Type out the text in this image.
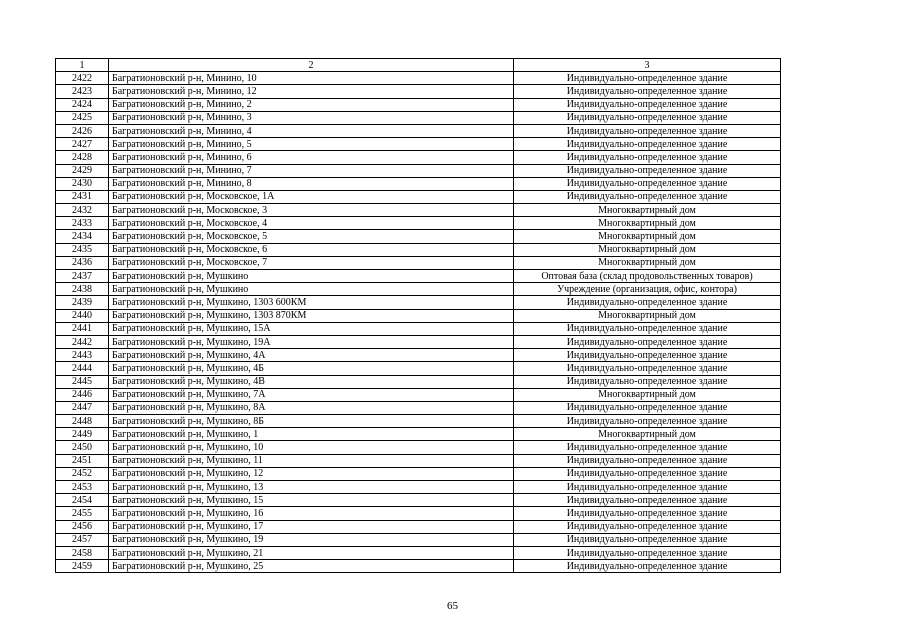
1	2	3
2422	Багратионовский р-н, Минино, 10	Индивидуально-определенное здание
2423	Багратионовский р-н, Минино, 12	Индивидуально-определенное здание
2424	Багратионовский р-н, Минино, 2	Индивидуально-определенное здание
2425	Багратионовский р-н, Минино, 3	Индивидуально-определенное здание
2426	Багратионовский р-н, Минино, 4	Индивидуально-определенное здание
2427	Багратионовский р-н, Минино, 5	Индивидуально-определенное здание
2428	Багратионовский р-н, Минино, 6	Индивидуально-определенное здание
2429	Багратионовский р-н, Минино, 7	Индивидуально-определенное здание
2430	Багратионовский р-н, Минино, 8	Индивидуально-определенное здание
2431	Багратионовский р-н, Московское, 1А	Индивидуально-определенное здание
2432	Багратионовский р-н, Московское, 3	Многоквартирный дом
2433	Багратионовский р-н, Московское, 4	Многоквартирный дом
2434	Багратионовский р-н, Московское, 5	Многоквартирный дом
2435	Багратионовский р-н, Московское, 6	Многоквартирный дом
2436	Багратионовский р-н, Московское, 7	Многоквартирный дом
2437	Багратионовский р-н, Мушкино	Оптовая база (склад продовольственных товаров)
2438	Багратионовский р-н, Мушкино	Учреждение (организация, офис, контора)
2439	Багратионовский р-н, Мушкино, 1303 600КМ	Индивидуально-определенное здание
2440	Багратионовский р-н, Мушкино, 1303 870КМ	Многоквартирный дом
2441	Багратионовский р-н, Мушкино, 15А	Индивидуально-определенное здание
2442	Багратионовский р-н, Мушкино, 19А	Индивидуально-определенное здание
2443	Багратионовский р-н, Мушкино, 4А	Индивидуально-определенное здание
2444	Багратионовский р-н, Мушкино, 4Б	Индивидуально-определенное здание
2445	Багратионовский р-н, Мушкино, 4В	Индивидуально-определенное здание
2446	Багратионовский р-н, Мушкино, 7А	Многоквартирный дом
2447	Багратионовский р-н, Мушкино, 8А	Индивидуально-определенное здание
2448	Багратионовский р-н, Мушкино, 8Б	Индивидуально-определенное здание
2449	Багратионовский р-н, Мушкино, 1	Многоквартирный дом
2450	Багратионовский р-н, Мушкино, 10	Индивидуально-определенное здание
2451	Багратионовский р-н, Мушкино, 11	Индивидуально-определенное здание
2452	Багратионовский р-н, Мушкино, 12	Индивидуально-определенное здание
2453	Багратионовский р-н, Мушкино, 13	Индивидуально-определенное здание
2454	Багратионовский р-н, Мушкино, 15	Индивидуально-определенное здание
2455	Багратионовский р-н, Мушкино, 16	Индивидуально-определенное здание
2456	Багратионовский р-н, Мушкино, 17	Индивидуально-определенное здание
2457	Багратионовский р-н, Мушкино, 19	Индивидуально-определенное здание
2458	Багратионовский р-н, Мушкино, 21	Индивидуально-определенное здание
2459	Багратионовский р-н, Мушкино, 25	Индивидуально-определенное здание
65
